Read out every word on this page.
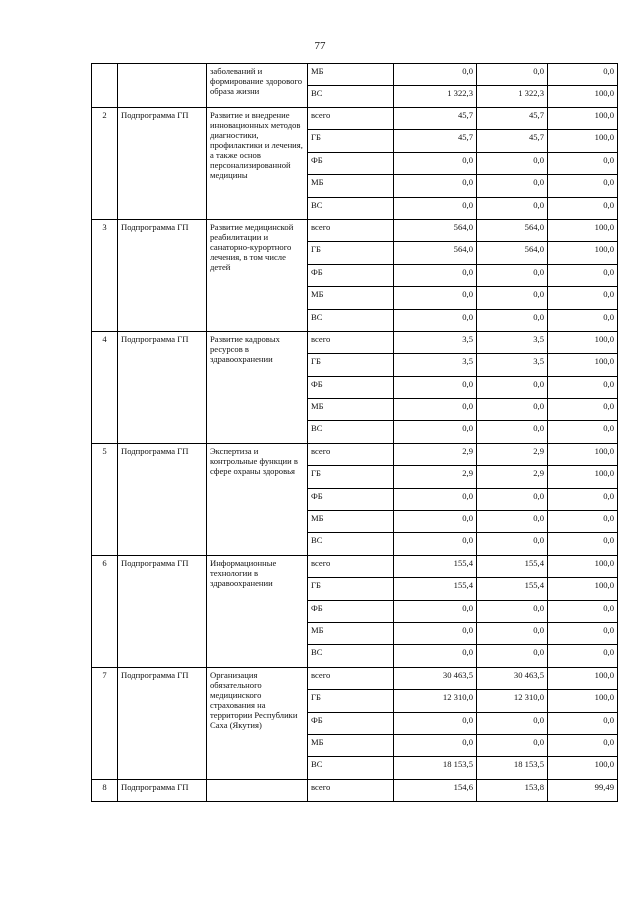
77
		заболеваний и формирование здорового образа жизни	МБ	0,0	0,0	0,0
			ВС	1 322,3	1 322,3	100,0
2	Подпрограмма ГП	Развитие и внедрение инновационных методов диагностики, профилактики и лечения, а также основ персонализированной медицины	всего	45,7	45,7	100,0
			ГБ	45,7	45,7	100,0
			ФБ	0,0	0,0	0,0
			МБ	0,0	0,0	0,0
			ВС	0,0	0,0	0,0
3	Подпрограмма ГП	Развитие медицинской реабилитации и санаторно-курортного лечения, в том числе детей	всего	564,0	564,0	100,0
			ГБ	564,0	564,0	100,0
			ФБ	0,0	0,0	0,0
			МБ	0,0	0,0	0,0
			ВС	0,0	0,0	0,0
4	Подпрограмма ГП	Развитие кадровых ресурсов в здравоохранении	всего	3,5	3,5	100,0
			ГБ	3,5	3,5	100,0
			ФБ	0,0	0,0	0,0
			МБ	0,0	0,0	0,0
			ВС	0,0	0,0	0,0
5	Подпрограмма ГП	Экспертиза и контрольные функции в сфере охраны здоровья	всего	2,9	2,9	100,0
			ГБ	2,9	2,9	100,0
			ФБ	0,0	0,0	0,0
			МБ	0,0	0,0	0,0
			ВС	0,0	0,0	0,0
6	Подпрограмма ГП	Информационные технологии в здравоохранении	всего	155,4	155,4	100,0
			ГБ	155,4	155,4	100,0
			ФБ	0,0	0,0	0,0
			МБ	0,0	0,0	0,0
			ВС	0,0	0,0	0,0
7	Подпрограмма ГП	Организация обязательного медицинского страхования на территории Республики Саха (Якутия)	всего	30 463,5	30 463,5	100,0
			ГБ	12 310,0	12 310,0	100,0
			ФБ	0,0	0,0	0,0
			МБ	0,0	0,0	0,0
			ВС	18 153,5	18 153,5	100,0
8	Подпрограмма ГП		всего	154,6	153,8	99,49
